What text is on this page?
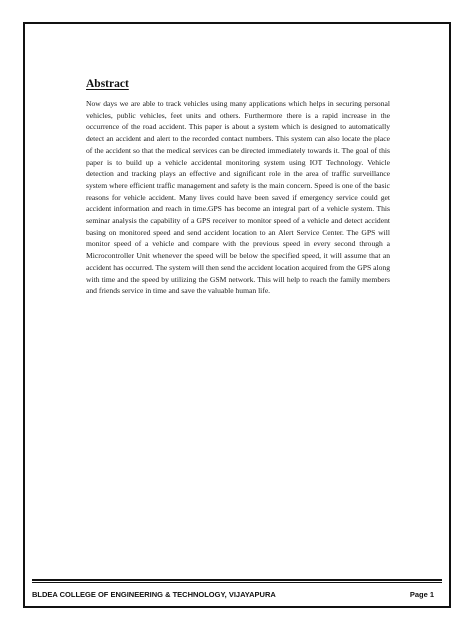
Abstract

Now days we are able to track vehicles using many applications which helps in securing personal vehicles, public vehicles, feet units and others. Furthermore there is a rapid increase in the occurrence of the road accident. This paper is about a system which is designed to automatically detect an accident and alert to the recorded contact numbers. This system can also locate the place of the accident so that the medical services can be directed immediately towards it. The goal of this paper is to build up a vehicle accidental monitoring system using IOT Technology. Vehicle detection and tracking plays an effective and significant role in the area of traffic surveillance system where efficient traffic management and safety is the main concern. Speed is one of the basic reasons for vehicle accident. Many lives could have been saved if emergency service could get accident information and reach in time.GPS has become an integral part of a vehicle system. This seminar analysis the capability of a GPS receiver to monitor speed of a vehicle and detect accident basing on monitored speed and send accident location to an Alert Service Center. The GPS will monitor speed of a vehicle and compare with the previous speed in every second through a Microcontroller Unit whenever the speed will be below the specified speed, it will assume that an accident has occurred. The system will then send the accident location acquired from the GPS along with time and the speed by utilizing the GSM network. This will help to reach the family members and friends service in time and save the valuable human life.

BLDEA COLLEGE OF ENGINEERING & TECHNOLOGY, VIJAYAPURA	Page 1
